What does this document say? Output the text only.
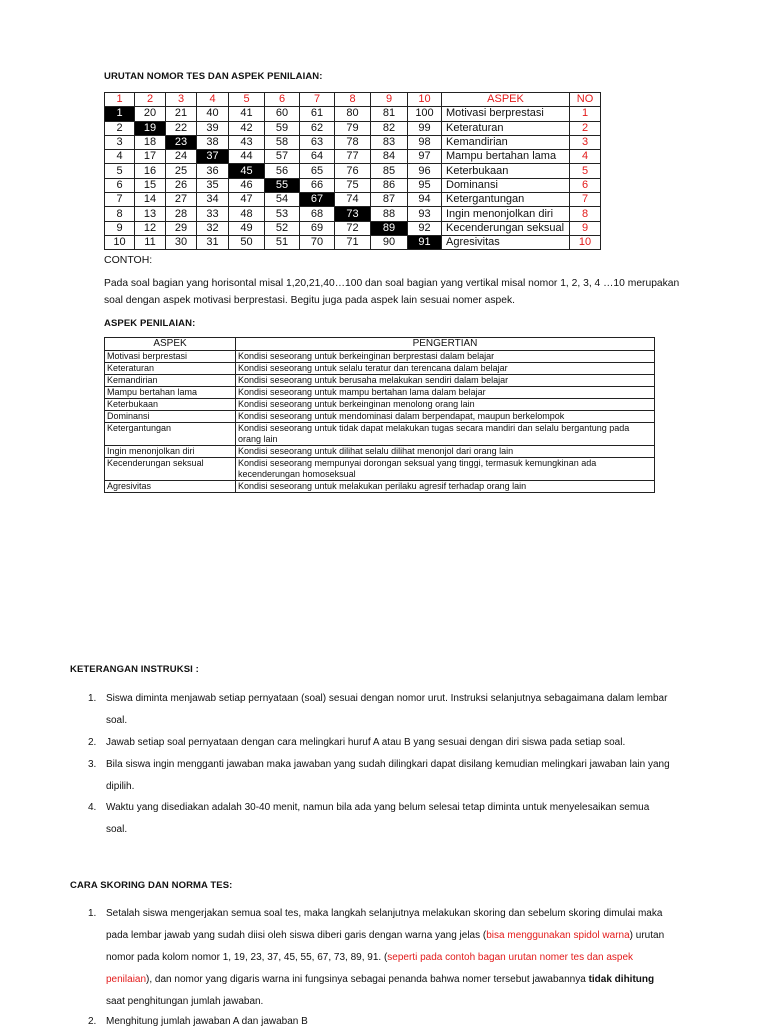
URUTAN NOMOR TES DAN ASPEK PENILAIAN:
1	2	3	4	5	6	7	8	9	10	ASPEK	NO
1	20	21	40	41	60	61	80	81	100	Motivasi berprestasi	1
2	19	22	39	42	59	62	79	82	99	Keteraturan	2
3	18	23	38	43	58	63	78	83	98	Kemandirian	3
4	17	24	37	44	57	64	77	84	97	Mampu bertahan lama	4
5	16	25	36	45	56	65	76	85	96	Keterbukaan	5
6	15	26	35	46	55	66	75	86	95	Dominansi	6
7	14	27	34	47	54	67	74	87	94	Ketergantungan	7
8	13	28	33	48	53	68	73	88	93	Ingin menonjolkan diri	8
9	12	29	32	49	52	69	72	89	92	Kecenderungan seksual	9
10	11	30	31	50	51	70	71	90	91	Agresivitas	10
CONTOH:
Pada soal bagian yang horisontal misal 1,20,21,40…100 dan soal bagian yang vertikal misal nomor 1, 2, 3, 4 …10 merupakan soal dengan aspek motivasi berprestasi. Begitu juga pada aspek lain sesuai nomer aspek.
ASPEK PENILAIAN:
ASPEK	PENGERTIAN
Motivasi berprestasi	Kondisi seseorang untuk berkeinginan berprestasi dalam belajar
Keteraturan	Kondisi seseorang untuk selalu teratur dan terencana dalam belajar
Kemandirian	Kondisi seseorang untuk berusaha melakukan sendiri dalam belajar
Mampu bertahan lama	Kondisi seseorang untuk mampu bertahan lama dalam belajar
Keterbukaan	Kondisi seseorang untuk berkeinginan menolong orang lain
Dominansi	Kondisi seseorang untuk mendominasi dalam berpendapat, maupun berkelompok
Ketergantungan	Kondisi seseorang untuk tidak dapat melakukan tugas secara mandiri dan selalu bergantung pada orang lain
Ingin menonjolkan diri	Kondisi seseorang untuk dilihat selalu dilihat menonjol dari orang lain
Kecenderungan seksual	Kondisi seseorang mempunyai dorongan seksual yang tinggi, termasuk kemungkinan ada kecenderungan homoseksual
Agresivitas	Kondisi seseorang untuk melakukan perilaku agresif terhadap orang lain
KETERANGAN INSTRUKSI :
1. Siswa diminta menjawab setiap pernyataan (soal) sesuai dengan nomor urut. Instruksi selanjutnya sebagaimana dalam lembar
soal.
2. Jawab setiap soal pernyataan dengan cara melingkari huruf A atau B yang sesuai dengan diri siswa pada setiap soal.
3. Bila siswa ingin mengganti jawaban maka jawaban yang sudah dilingkari dapat disilang kemudian melingkari jawaban lain yang
dipilih.
4. Waktu yang disediakan adalah 30-40 menit, namun bila ada yang belum selesai tetap diminta untuk menyelesaikan semua
soal.
CARA SKORING DAN NORMA TES:
1. Setalah siswa mengerjakan semua soal tes, maka langkah selanjutnya melakukan skoring dan sebelum skoring dimulai maka
pada lembar jawab yang sudah diisi oleh siswa diberi garis dengan warna yang jelas (bisa menggunakan spidol warna) urutan
nomor pada kolom nomor 1, 19, 23, 37, 45, 55, 67, 73, 89, 91. (seperti pada contoh bagan urutan nomer tes dan aspek
penilaian), dan nomor yang digaris warna ini fungsinya sebagai penanda bahwa nomer tersebut jawabannya tidak dihitung
saat penghitungan jumlah jawaban.
2. Menghitung jumlah jawaban A dan jawaban B
